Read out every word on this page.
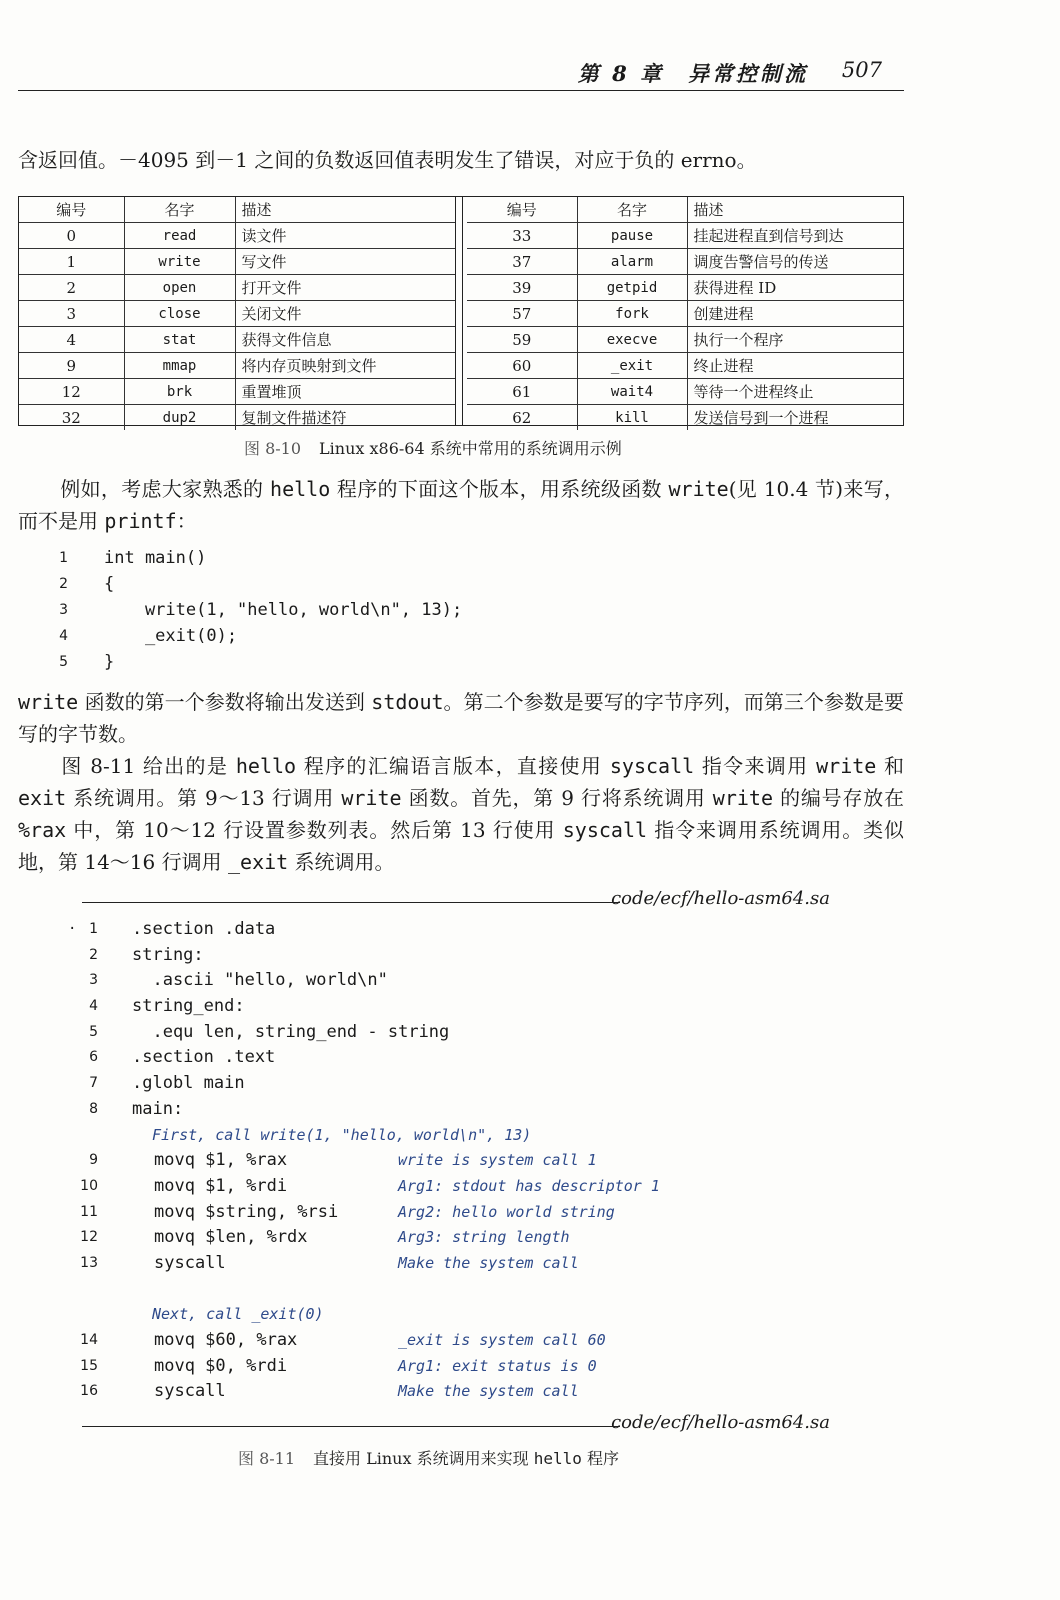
第 8 章　异常控制流 507

含返回值。－4095 到－1 之间的负数返回值表明发生了错误，对应于负的 errno。

编号	名字	描述
0	read	读文件
1	write	写文件
2	open	打开文件
3	close	关闭文件
4	stat	获得文件信息
9	mmap	将内存页映射到文件
12	brk	重置堆顶
32	dup2	复制文件描述符
编号	名字	描述
33	pause	挂起进程直到信号到达
37	alarm	调度告警信号的传送
39	getpid	获得进程 ID
57	fork	创建进程
59	execve	执行一个程序
60	_exit	终止进程
61	wait4	等待一个进程终止
62	kill	发送信号到一个进程
图 8-10 Linux x86-64 系统中常用的系统调用示例

例如，考虑大家熟悉的 hello 程序的下面这个版本，用系统级函数 write(见 10.4 节)来写，而不是用 printf：

1 int main()
2 {
3 write(1, "hello, world\n", 13);
4 _exit(0);
5 }

write 函数的第一个参数将输出发送到 stdout。第二个参数是要写的字节序列，而第三个参数是要写的字节数。

图 8-11 给出的是 hello 程序的汇编语言版本，直接使用 syscall 指令来调用 write 和 exit 系统调用。第 9～13 行调用 write 函数。首先，第 9 行将系统调用 write 的编号存放在 %rax 中，第 10～12 行设置参数列表。然后第 13 行使用 syscall 指令来调用系统调用。类似地，第 14～16 行调用 _exit 系统调用。

code/ecf/hello-asm64.sa
· 1 .section .data
2 string:
3 .ascii "hello, world\n"
4 string_end:
5 .equ len, string_end - string
6 .section .text
7 .globl main
8 main:
First, call write(1, "hello, world\n", 13)
9	movq $1, %rax	write is system call 1
10	movq $1, %rdi	Arg1: stdout has descriptor 1
11	movq $string, %rsi	Arg2: hello world string
12	movq $len, %rdx	Arg3: string length
13	syscall	Make the system call
Next, call _exit(0)
14	movq $60, %rax	_exit is system call 60
15	movq $0, %rdi	Arg1: exit status is 0
16	syscall	Make the system call
code/ecf/hello-asm64.sa
图 8-11 直接用 Linux 系统调用来实现 hello 程序
